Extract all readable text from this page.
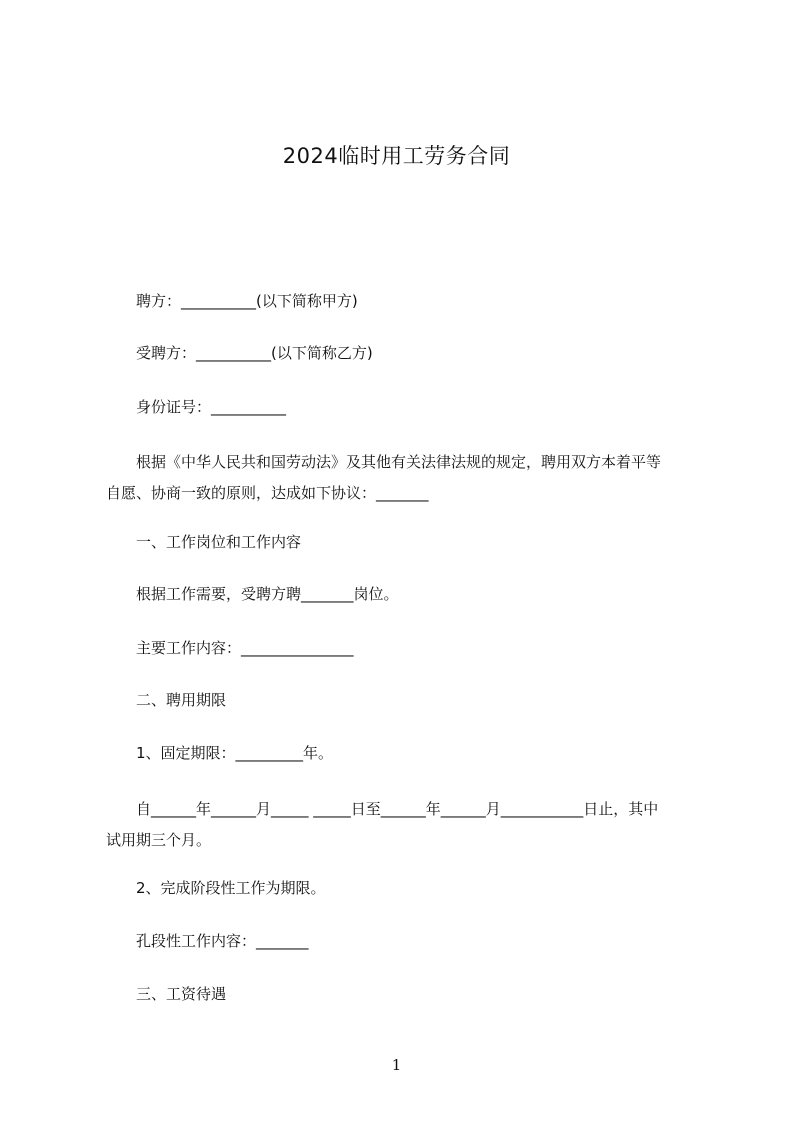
2024临时用工劳务合同
聘方：__________(以下简称甲方)
受聘方：__________(以下简称乙方)
身份证号：__________
根据《中华人民共和国劳动法》及其他有关法律法规的规定，聘用双方本着平等
自愿、协商一致的原则，达成如下协议：_______
一、工作岗位和工作内容
根据工作需要，受聘方聘_______岗位。
主要工作内容：_______________
二、聘用期限
1、固定期限：_________年。
自______年______月_____ _____日至______年______月___________日止，其中
试用期三个月。
2、完成阶段性工作为期限。
孔段性工作内容：_______
三、工资待遇
1
